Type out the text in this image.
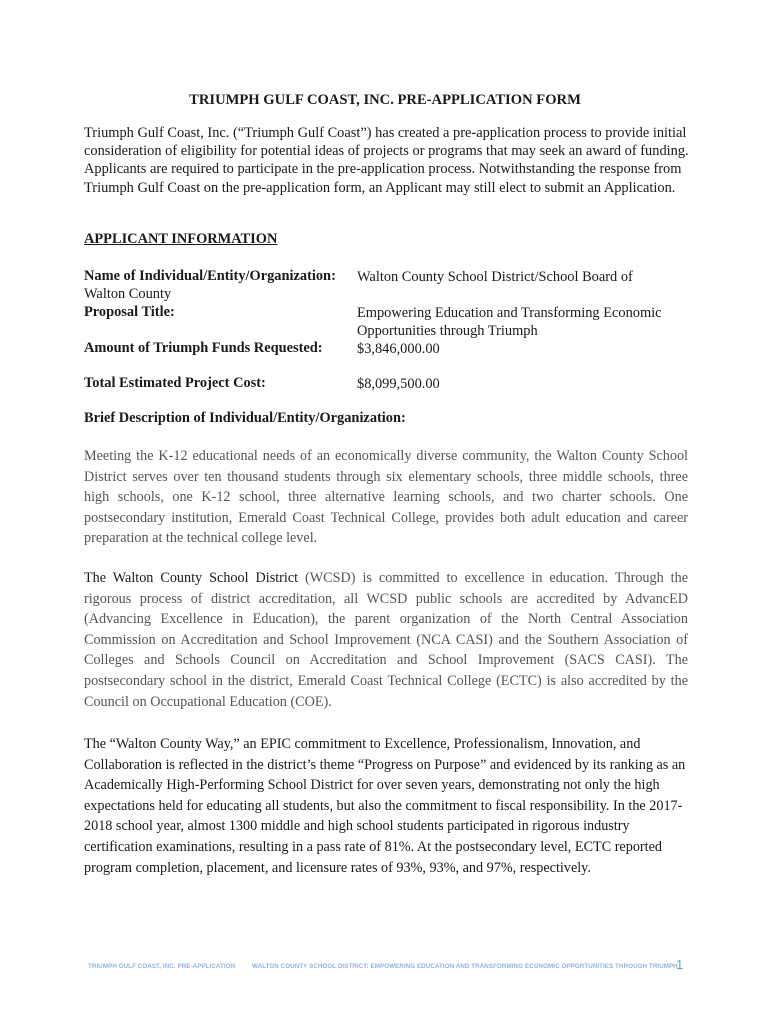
TRIUMPH GULF COAST, INC. PRE-APPLICATION FORM
Triumph Gulf Coast, Inc. (“Triumph Gulf Coast”) has created a pre-application process to provide initial consideration of eligibility for potential ideas of projects or programs that may seek an award of funding. Applicants are required to participate in the pre-application process. Notwithstanding the response from Triumph Gulf Coast on the pre-application form, an Applicant may still elect to submit an Application.
APPLICANT INFORMATION
Name of Individual/Entity/Organization: Walton County School District/School Board of
Walton County
Proposal Title:	Empowering Education and Transforming Economic Opportunities through Triumph
Amount of Triumph Funds Requested: $3,846,000.00
Total Estimated Project Cost:	$8,099,500.00
Brief Description of Individual/Entity/Organization:
Meeting the K-12 educational needs of an economically diverse community, the Walton County School District serves over ten thousand students through six elementary schools, three middle schools, three high schools, one K-12 school, three alternative learning schools, and two charter schools. One postsecondary institution, Emerald Coast Technical College, provides both adult education and career preparation at the technical college level.
The Walton County School District (WCSD) is committed to excellence in education. Through the rigorous process of district accreditation, all WCSD public schools are accredited by AdvancED (Advancing Excellence in Education), the parent organization of the North Central Association Commission on Accreditation and School Improvement (NCA CASI) and the Southern Association of Colleges and Schools Council on Accreditation and School Improvement (SACS CASI). The postsecondary school in the district, Emerald Coast Technical College (ECTC) is also accredited by the Council on Occupational Education (COE).
The “Walton County Way,” an EPIC commitment to Excellence, Professionalism, Innovation, and Collaboration is reflected in the district’s theme “Progress on Purpose” and evidenced by its ranking as an Academically High-Performing School District for over seven years, demonstrating not only the high expectations held for educating all students, but also the commitment to fiscal responsibility. In the 2017-2018 school year, almost 1300 middle and high school students participated in rigorous industry certification examinations, resulting in a pass rate of 81%. At the postsecondary level, ECTC reported program completion, placement, and licensure rates of 93%, 93%, and 97%, respectively.
TRIUMPH GULF COAST, INC. PRE-APPLICATION	WALTON COUNTY SCHOOL DISTRICT: EMPOWERING EDUCATION AND TRANSFORMING ECONOMIC OPPORTUNITIES THROUGH TRIUMPH
1
